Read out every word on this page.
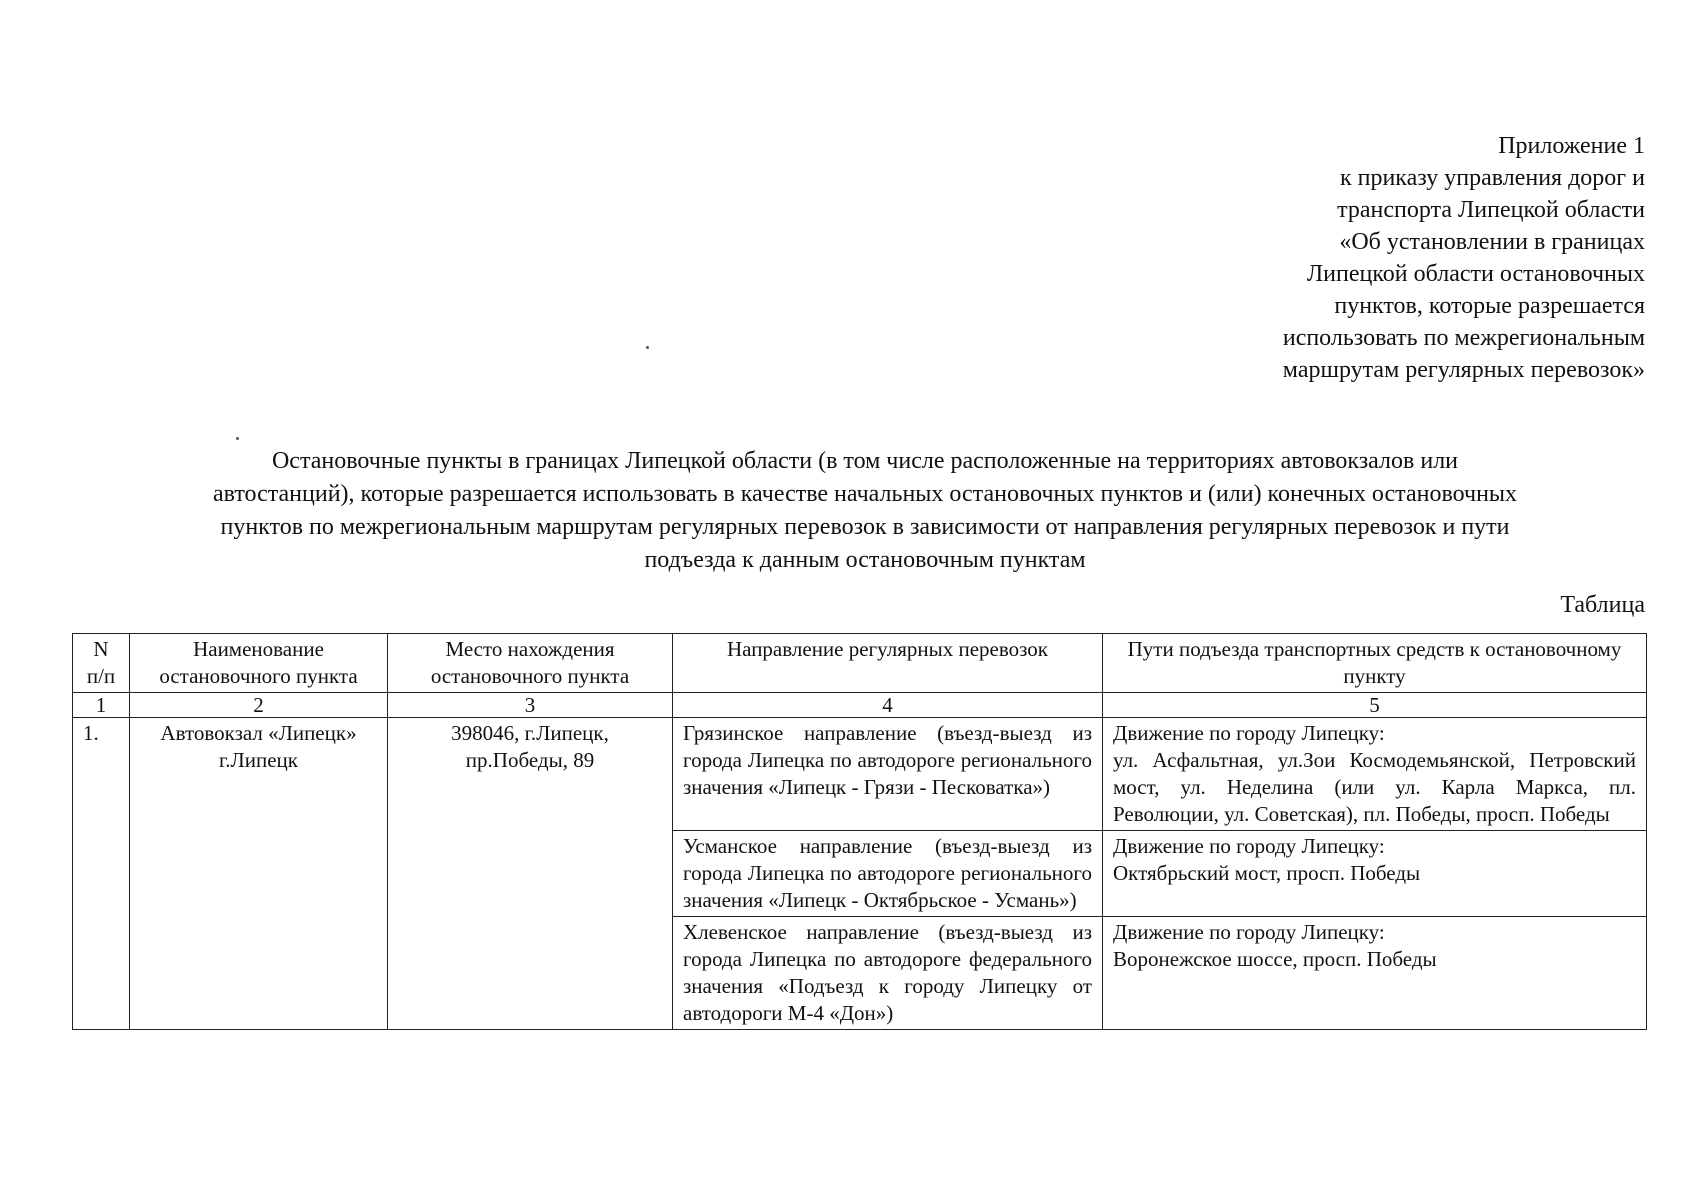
Приложение 1
к приказу управления дорог и
транспорта Липецкой области
«Об установлении в границах
Липецкой области остановочных
пунктов, которые разрешается
использовать по межрегиональным
маршрутам регулярных перевозок»
Остановочные пункты в границах Липецкой области (в том числе расположенные на территориях автовокзалов или
автостанций), которые разрешается использовать в качестве начальных остановочных пунктов и (или) конечных остановочных
пунктов по межрегиональным маршрутам регулярных перевозок в зависимости от направления регулярных перевозок и пути
подъезда к данным остановочным пунктам
Таблица
N п/п	Наименование остановочного пункта	Место нахождения остановочного пункта	Направление регулярных перевозок	Пути подъезда транспортных средств к остановочному пункту
1	2	3	4	5
1.	Автовокзал «Липецк» г.Липецк	398046, г.Липецк, пр.Победы, 89	Грязинское направление (въезд-выезд из города Липецка по автодороге регионального значения «Липецк - Грязи - Песковатка»)	Движение по городу Липецку:
ул. Асфальтная, ул.Зои Космодемьянской, Петровский мост, ул. Неделина (или ул. Карла Маркса, пл. Революции, ул. Советская), пл. Победы, просп. Победы

			Усманское направление (въезд-выезд из города Липецка по автодороге регионального значения «Липецк - Октябрьское - Усмань»)	Движение по городу Липецку:
Октябрьский мост, просп. Победы

			Хлевенское направление (въезд-выезд из города Липецка по автодороге федерального значения «Подъезд к городу Липецку от автодороги М-4 «Дон»)	Движение по городу Липецку:
Воронежское шоссе, просп. Победы
